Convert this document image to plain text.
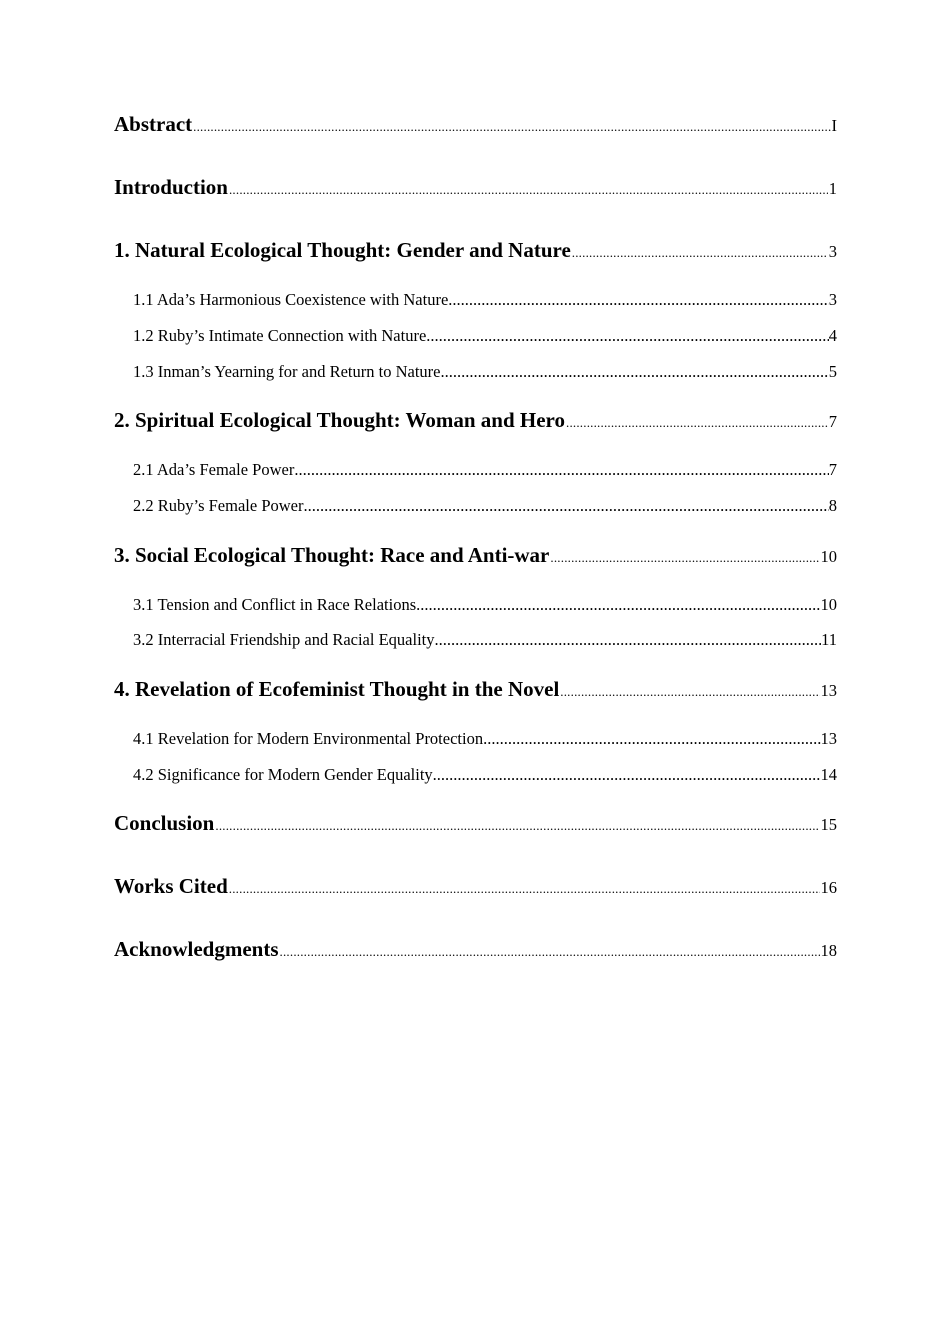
Abstract .....	I
Introduction .....	1
1. Natural Ecological Thought: Gender and Nature .....	3
1.1 Ada’s Harmonious Coexistence with Nature .....	3
1.2 Ruby’s Intimate Connection with Nature .....	4
1.3 Inman’s Yearning for and Return to Nature .....	5
2. Spiritual Ecological Thought: Woman and Hero .....	7
2.1 Ada’s Female Power .....	7
2.2 Ruby’s Female Power .....	8
3. Social Ecological Thought: Race and Anti-war .....	10
3.1 Tension and Conflict in Race Relations .....	10
3.2 Interracial Friendship and Racial Equality .....	11
4. Revelation of Ecofeminist Thought in the Novel .....	13
4.1 Revelation for Modern Environmental Protection .....	13
4.2 Significance for Modern Gender Equality .....	14
Conclusion .....	15
Works Cited .....	16
Acknowledgments .....	18
